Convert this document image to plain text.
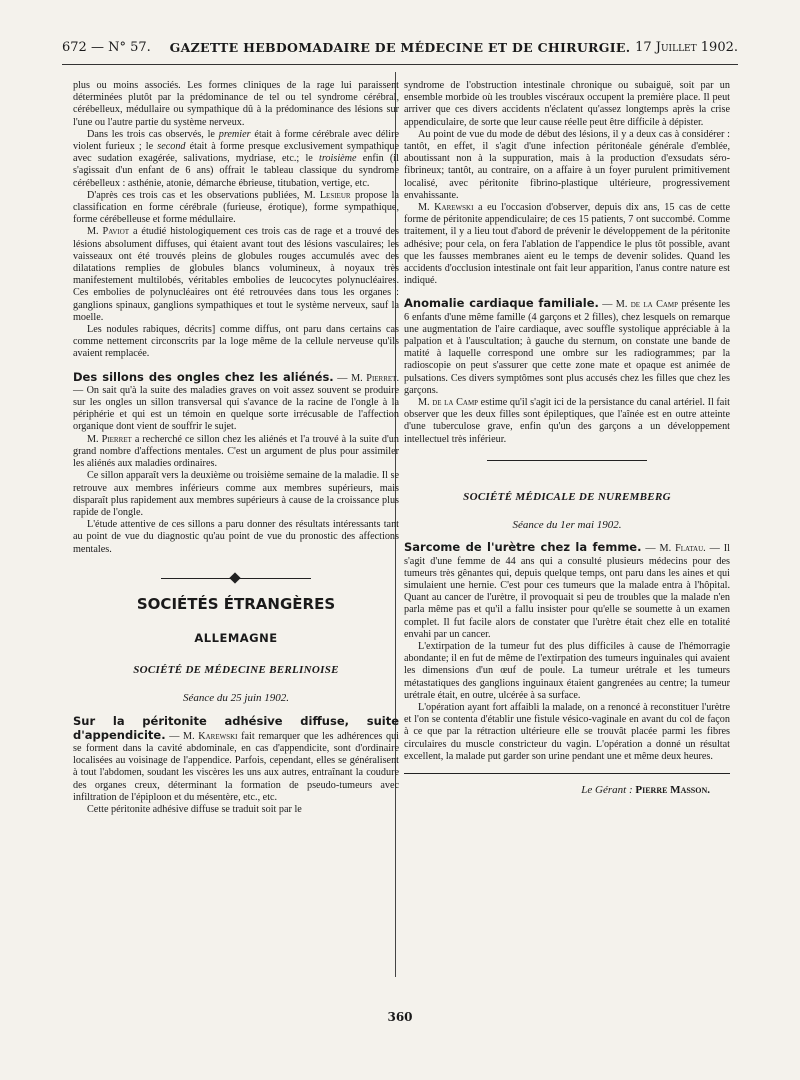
672 — N° 57.	GAZETTE HEBDOMADAIRE DE MÉDECINE ET DE CHIRURGIE. 17 Juillet 1902.

plus ou moins associés. Les formes cliniques de la rage lui paraissent déterminées plutôt par la prédominance de tel ou tel syndrome cérébral, cérébelleux, médullaire ou sympathique dû à la prédominance des lésions sur l'une ou l'autre partie du système nerveux.

Dans les trois cas observés, le premier était à forme cérébrale avec délire violent furieux ; le second était à forme presque exclusivement sympathique avec sudation exagérée, salivations, mydriase, etc.; le troisième enfin (il s'agissait d'un enfant de 6 ans) offrait le tableau classique du syndrome cérébelleux : asthénie, atonie, démarche ébrieuse, titubation, vertige, etc.

D'après ces trois cas et les observations publiées, M. Lesieur propose la classification en forme cérébrale (furieuse, érotique), forme sympathique, forme cérébelleuse et forme médullaire.

M. Paviot a étudié histologiquement ces trois cas de rage et a trouvé des lésions absolument diffuses, qui étaient avant tout des lésions vasculaires; les vaisseaux ont été trouvés pleins de globules rouges accumulés avec des dilatations remplies de globules blancs volumineux, à noyaux très manifestement multilobés, véritables embolies de leucocytes polynucléaires. Ces embolies de polynucléaires ont été retrouvées dans tous les organes : ganglions spinaux, ganglions sympathiques et tout le système nerveux, sauf la moelle.

Les nodules rabiques, décrits] comme diffus, ont paru dans certains cas comme nettement circonscrits par la loge même de la cellule nerveuse qu'ils avaient remplacée.

Des sillons des ongles chez les aliénés. — M. Pierret. — On sait qu'à la suite des maladies graves on voit assez souvent se produire sur les ongles un sillon transversal qui s'avance de la racine de l'ongle à la périphérie et qui est un témoin en quelque sorte irrécusable de l'affection organique dont vient de souffrir le sujet.

M. Pierret a recherché ce sillon chez les aliénés et l'a trouvé à la suite d'un grand nombre d'affections mentales. C'est un argument de plus pour assimiler les aliénés aux maladies ordinaires.

Ce sillon apparaît vers la deuxième ou troisième semaine de la maladie. Il se retrouve aux membres inférieurs comme aux membres supérieurs, mais disparaît plus rapidement aux membres supérieurs à cause de la croissance plus rapide de l'ongle.

L'étude attentive de ces sillons a paru donner des résultats intéressants tant au point de vue du diagnostic qu'au point de vue du pronostic des affections mentales.

SOCIÉTÉS ÉTRANGÈRES

ALLEMAGNE

SOCIÉTÉ DE MÉDECINE BERLINOISE

Séance du 25 juin 1902.

Sur la péritonite adhésive diffuse, suite d'appendicite. — M. Karewski fait remarquer que les adhérences qui se forment dans la cavité abdominale, en cas d'appendicite, sont d'ordinaire localisées au voisinage de l'appendice. Parfois, cependant, elles se généralisent à tout l'abdomen, soudant les viscères les uns aux autres, entraînant la coudure des organes creux, déterminant la formation de pseudo-tumeurs avec infiltration de l'épiploon et du mésentère, etc., etc.

Cette péritonite adhésive diffuse se traduit soit par le

syndrome de l'obstruction intestinale chronique ou subaiguë, soit par un ensemble morbide où les troubles viscéraux occupent la première place. Il peut arriver que ces divers accidents n'éclatent qu'assez longtemps après la crise appendiculaire, de sorte que leur cause réelle peut être difficile à dépister.

Au point de vue du mode de début des lésions, il y a deux cas à considérer : tantôt, en effet, il s'agit d'une infection péritonéale générale d'emblée, aboutissant non à la suppuration, mais à la production d'exsudats séro-fibrineux; tantôt, au contraire, on a affaire à un foyer purulent primitivement localisé, avec péritonite fibrino-plastique ultérieure, progressivement envahissante.

M. Karewski a eu l'occasion d'observer, depuis dix ans, 15 cas de cette forme de péritonite appendiculaire; de ces 15 patients, 7 ont succombé. Comme traitement, il y a lieu tout d'abord de prévenir le développement de la péritonite adhésive; pour cela, on fera l'ablation de l'appendice le plus tôt possible, avant que les fausses membranes aient eu le temps de devenir solides. Quand les accidents d'occlusion intestinale ont fait leur apparition, l'anus contre nature est indiqué.

Anomalie cardiaque familiale. — M. de la Camp présente les 6 enfants d'une même famille (4 garçons et 2 filles), chez lesquels on remarque une augmentation de l'aire cardiaque, avec souffle systolique appréciable à la palpation et à l'auscultation; à gauche du sternum, on constate une bande de matité à laquelle correspond une ombre sur les radiogrammes; par la radioscopie on peut s'assurer que cette zone mate et opaque est animée de pulsations. Ces divers symptômes sont plus accusés chez les filles que chez les garçons.

M. de la Camp estime qu'il s'agit ici de la persistance du canal artériel. Il fait observer que les deux filles sont épileptiques, que l'aînée est en outre atteinte d'une tuberculose grave, enfin qu'un des garçons a un développement intellectuel très inférieur.

SOCIÉTÉ MÉDICALE DE NUREMBERG

Séance du 1er mai 1902.

Sarcome de l'urètre chez la femme. — M. Flatau. — Il s'agit d'une femme de 44 ans qui a consulté plusieurs médecins pour des tumeurs très gênantes qui, depuis quelque temps, ont paru dans les aines et qui simulaient une hernie. C'est pour ces tumeurs que la malade entra à l'hôpital. Quant au cancer de l'urètre, il provoquait si peu de troubles que la malade n'en parla même pas et qu'il a fallu insister pour qu'elle se soumette à un examen complet. Il fut facile alors de constater que l'urètre était chez elle en totalité envahi par un cancer.

L'extirpation de la tumeur fut des plus difficiles à cause de l'hémorragie abondante; il en fut de même de l'extirpation des tumeurs inguinales qui avaient les dimensions d'un œuf de poule. La tumeur urétrale et les tumeurs métastatiques des ganglions inguinaux étaient gangrenées au centre; la tumeur urétrale était, en outre, ulcérée à sa surface.

L'opération ayant fort affaibli la malade, on a renoncé à reconstituer l'urètre et l'on se contenta d'établir une fistule vésico-vaginale en avant du col de façon à ce que par la rétraction ultérieure elle se trouvât placée parmi les fibres circulaires du muscle constricteur du vagin. L'opération a donné un résultat excellent, la malade put garder son urine pendant une et même deux heures.

Le Gérant : Pierre Masson.

360
